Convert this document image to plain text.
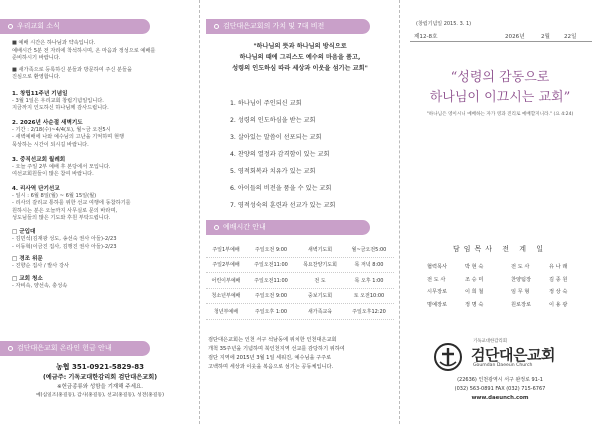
우리교회 소식

■ 예배 시간은 하나님과 약속입니다.

예배시간 5분 전 자리에 착석하시며, 온 마음과 정성으로 예배를

준비하시기 바랍니다.

■ 새가족으로 등록하신 분들과 방문하여 주신 분들을

진심으로 환영합니다.

1. 창립11주년 기념일

- 3월 1일은 우리교회 창립기념일입니다.

지금까지 인도하신 하나님께 감사드립니다.

2. 2026년 사순절 새벽기도

- 기간 : 2/18(수)~4/4(토), 월~금 오전5시

- 새벽예배에 나와 예수님의 고난을 기억하며 현행

묵상하는 시간이 되시길 바랍니다.

3. 중직선교회 월례회

- 오늘 주일 2부 예배 후 본당에서 모입니다.

여선교회원들이 많은 참여 바랍니다.

4. 리사역 단기선교

- 일시 : 6월 8일(월) ~ 6월 15일(월)

- 리사의 갈리교 통하를 위한 선교 여행에 동참하기를

원하시는 분은 오늘까지 사무실로 문의 바라며,

성도님들의 많은 기도와 후원 부탁드립니다.

□ 군입대

- 김민석(김재광 성도, 송선숙 권사 아들)-2/23

- 이동혁(이금진 집사, 김행진 권사 아들)-2/23

□ 경조 위문

- 진향순 집사 / 발사 강사

□ 교회 청소

- 자비속, 양선속, 충성속

검단대은교회 온라인 헌금 안내

농협 351-0921-5829-83

(예금주: 기독교대한감리회 검단대은교회)

※헌금종류와 성함을 기재해 주세요.

예)십일조(홍길동), 감사(홍길동), 선교(홍길동), 성전(홍길동)

검단대은교회의 가치 및 7대 비전

"하나님의 뜻과 하나님의 방식으로

하나님의 때에 그리스도 예수의 마음을 품고,

성령의 인도하심 따라 세상과 이웃을 섬기는 교회"

1. 하나님이 주인되신 교회
2. 성령의 인도하심을 받는 교회
3. 살아있는 말씀이 선포되는 교회
4. 찬양의 열정과 감격함이 있는 교회
5. 영적회복과 치유가 있는 교회
6. 아이들의 비전을 품을 수 있는 교회
7. 영적성숙의 훈련과 선교가 있는 교회
예배시간 안내
주일1부예배	주일오전 9:00	새벽기도회	월~금오전5:00
주일2부예배	주일오전11:00	목요찬양기도회	목 저녁 8:00
어린이부예배	주일오전11:00	전 도	목 오후 1:00
청소년부예배	주일오전 9:00	중보기도회	토 오전10:00
청년부예배	주일오후 1:00	새가족교육	주일오후12:20

검단대은교회는 인천 서구 석남동에 위치한 인천대은교회

개척 35주년을 기념하며 북인천지역 선교를 감당하기 위하여

검단 지역에 2015년 3월 1일 세워진, 예수님을 구주로

고백하며 세상과 이웃을 복음으로 섬기는 공동체입니다.

(창립기념일 2015. 3. 1)
제12-8호	2026년	2월	22일

“성령의 감동으로

하나님이 이끄시는 교회”

"하나님은 영이시니 예배하는 자가 영과 진리로 예배할지니라." (요 4:24)
담임목사 전 계 일
협력목사	박 현 숙	전 도 사	유 나 래
전 도 사	조 승 미	찬양팀장	김 종 원
시무장로	이 희 철	임 무 형	정 상 숙
명예장로	정 명 숙	원로장로	이 용 광
기독교대한감리회
검단대은교회
Goumdan Daeeun Church

(22636) 인천광역시 서구 완정로 91-1

(032) 563-0891 FAX (032) 715-6767

www.daeunch.com
